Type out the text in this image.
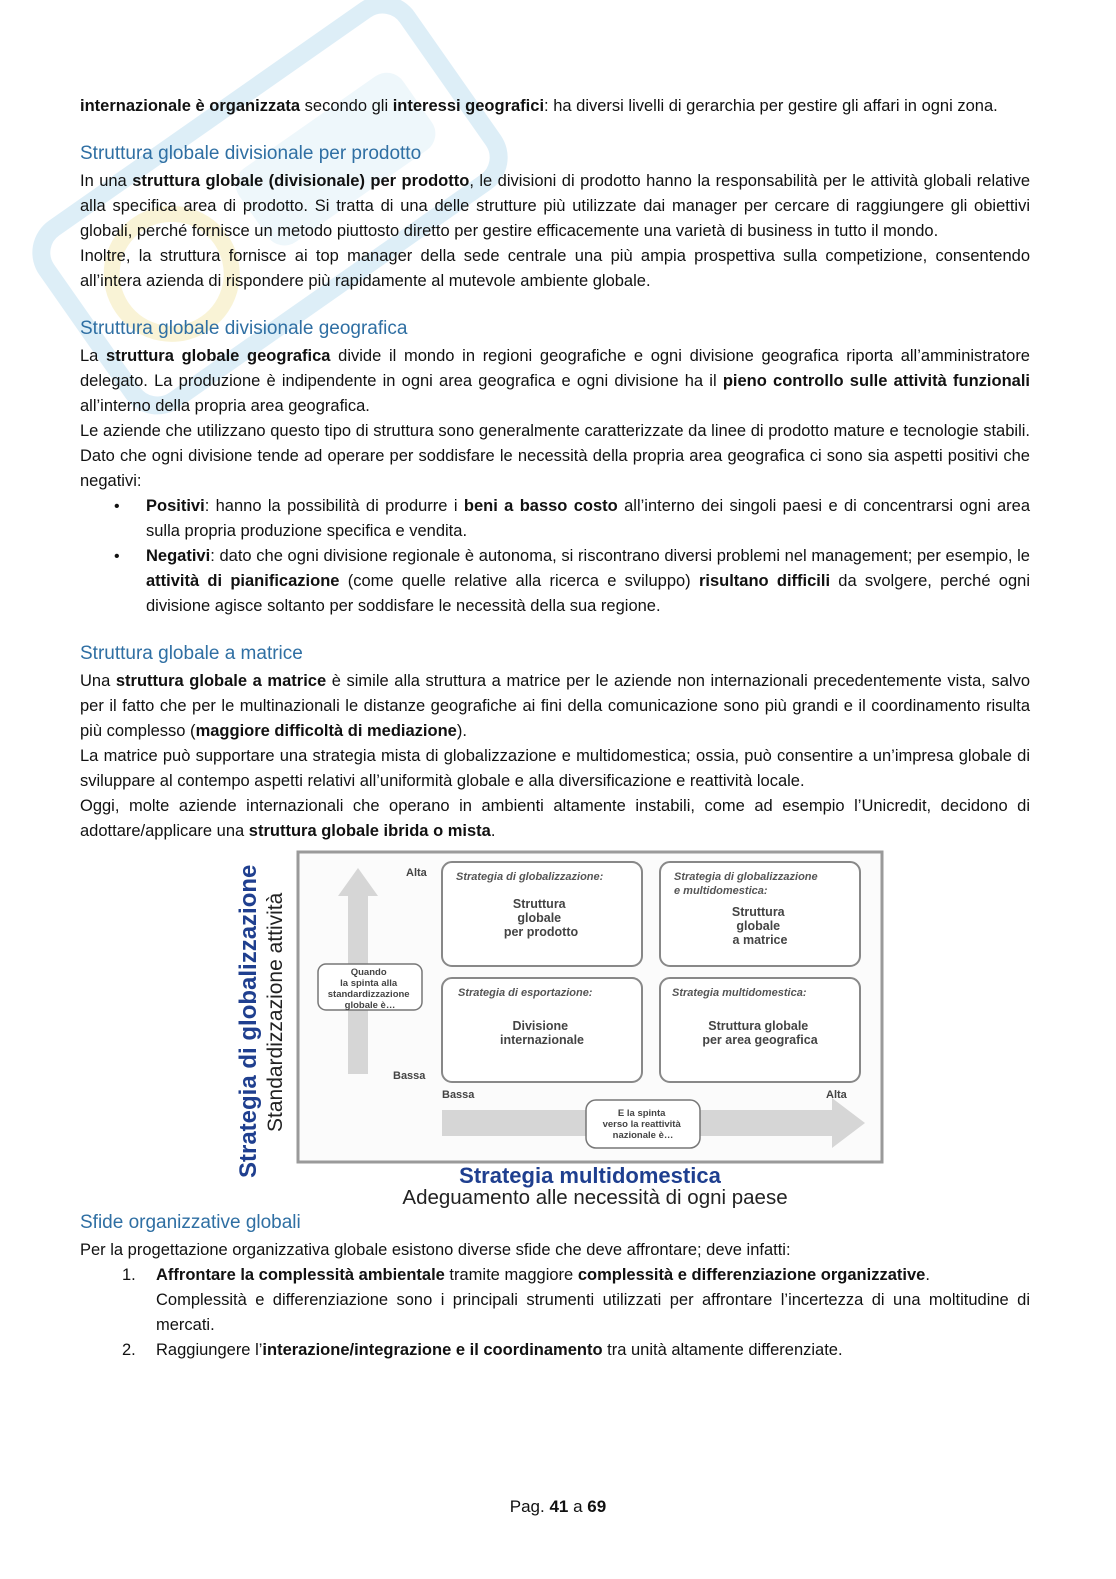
internazionale è organizzata secondo gli interessi geografici: ha diversi livelli di gerarchia per gestire gli affari in ogni zona.

Struttura globale divisionale per prodotto

In una struttura globale (divisionale) per prodotto, le divisioni di prodotto hanno la responsabilità per le attività globali relative alla specifica area di prodotto. Si tratta di una delle strutture più utilizzate dai manager per cercare di raggiungere gli obiettivi globali, perché fornisce un metodo piuttosto diretto per gestire efficacemente una varietà di business in tutto il mondo.

Inoltre, la struttura fornisce ai top manager della sede centrale una più ampia prospettiva sulla competizione, consentendo all’intera azienda di rispondere più rapidamente al mutevole ambiente globale.

Struttura globale divisionale geografica

La struttura globale geografica divide il mondo in regioni geografiche e ogni divisione geografica riporta all’amministratore delegato. La produzione è indipendente in ogni area geografica e ogni divisione ha il pieno controllo sulle attività funzionali all’interno della propria area geografica.

Le aziende che utilizzano questo tipo di struttura sono generalmente caratterizzate da linee di prodotto mature e tecnologie stabili. Dato che ogni divisione tende ad operare per soddisfare le necessità della propria area geografica ci sono sia aspetti positivi che negativi:

• Positivi: hanno la possibilità di produrre i beni a basso costo all’interno dei singoli paesi e di concentrarsi ogni area sulla propria produzione specifica e vendita.
• Negativi: dato che ogni divisione regionale è autonoma, si riscontrano diversi problemi nel management; per esempio, le attività di pianificazione (come quelle relative alla ricerca e sviluppo) risultano difficili da svolgere, perché ogni divisione agisce soltanto per soddisfare le necessità della sua regione.
Struttura globale a matrice

Una struttura globale a matrice è simile alla struttura a matrice per le aziende non internazionali precedentemente vista, salvo per il fatto che per le multinazionali le distanze geografiche ai fini della comunicazione sono più grandi e il coordinamento risulta più complesso (maggiore difficoltà di mediazione).

La matrice può supportare una strategia mista di globalizzazione e multidomestica; ossia, può consentire a un’impresa globale di sviluppare al contempo aspetti relativi all’uniformità globale e alla diversificazione e reattività locale.

Oggi, molte aziende internazionali che operano in ambienti altamente instabili, come ad esempio l’Unicredit, decidono di adottare/applicare una struttura globale ibrida o mista.

Alta
Bassa
Bassa	Alta
Quando la spinta alla standardizzazione globale è…
E la spinta verso la reattività nazionale è…
Strategia di globalizzazione:
Struttura globale per prodotto
Strategia di globalizzazione e multidomestica:
Struttura globale a matrice
Strategia di esportazione:
Divisione internazionale
Strategia multidomestica:
Struttura globale per area geografica
Strategia di globalizzazione Standardizzazione attività
Strategia multidomestica
Adeguamento alle necessità di ogni paese
Sfide organizzative globali

Per la progettazione organizzativa globale esistono diverse sfide che deve affrontare; deve infatti:

1. Affrontare la complessità ambientale tramite maggiore complessità e differenziazione organizzative.
Complessità e differenziazione sono i principali strumenti utilizzati per affrontare l’incertezza di una moltitudine di mercati.
2. Raggiungere l’interazione/integrazione e il coordinamento tra unità altamente differenziate.
Pag. 41 a 69
